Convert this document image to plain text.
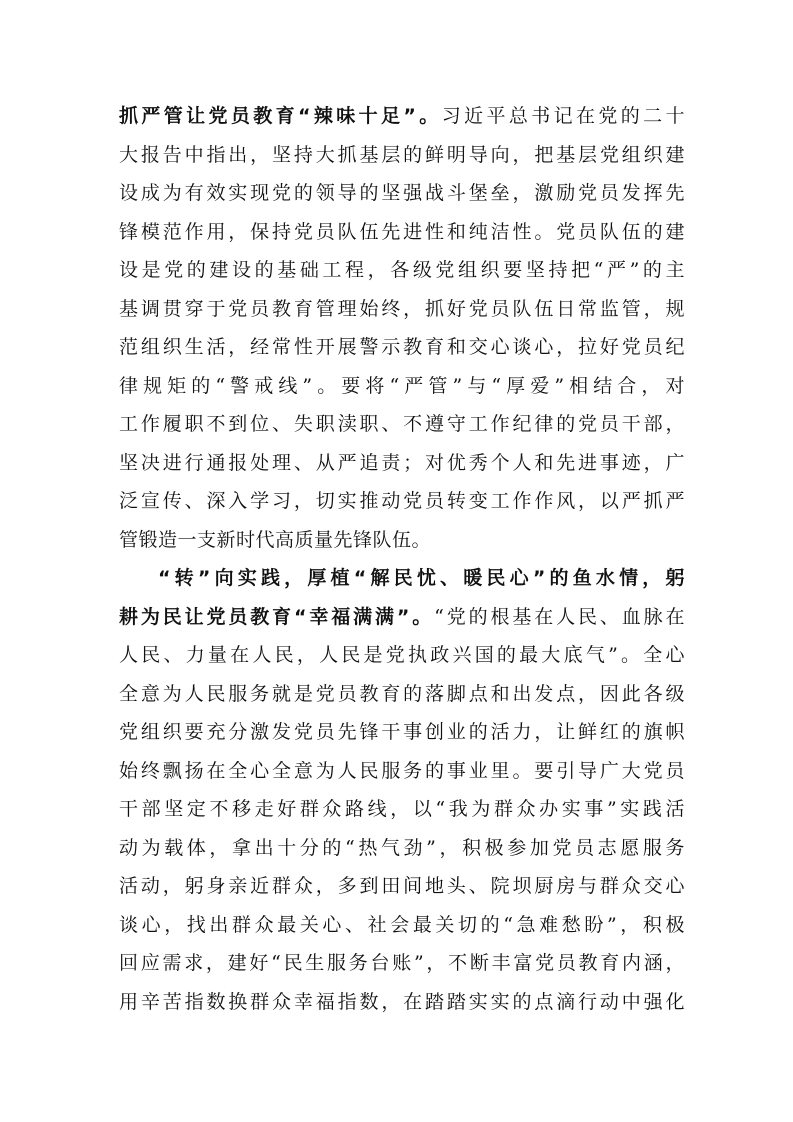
抓严管让党员教育“辣味十足”。习近平总书记在党的二十
大报告中指出，坚持大抓基层的鲜明导向，把基层党组织建
设成为有效实现党的领导的坚强战斗堡垒，激励党员发挥先
锋模范作用，保持党员队伍先进性和纯洁性。党员队伍的建
设是党的建设的基础工程，各级党组织要坚持把“严”的主
基调贯穿于党员教育管理始终，抓好党员队伍日常监管，规
范组织生活，经常性开展警示教育和交心谈心，拉好党员纪
律规矩的“警戒线”。要将“严管”与“厚爱”相结合，对
工作履职不到位、失职渎职、不遵守工作纪律的党员干部，
坚决进行通报处理、从严追责；对优秀个人和先进事迹，广
泛宣传、深入学习，切实推动党员转变工作作风，以严抓严
管锻造一支新时代高质量先锋队伍。
“转”向实践，厚植“解民忧、暖民心”的鱼水情，躬
耕为民让党员教育“幸福满满”。“党的根基在人民、血脉在
人民、力量在人民，人民是党执政兴国的最大底气”。全心
全意为人民服务就是党员教育的落脚点和出发点，因此各级
党组织要充分激发党员先锋干事创业的活力，让鲜红的旗帜
始终飘扬在全心全意为人民服务的事业里。要引导广大党员
干部坚定不移走好群众路线，以“我为群众办实事”实践活
动为载体，拿出十分的“热气劲”，积极参加党员志愿服务
活动，躬身亲近群众，多到田间地头、院坝厨房与群众交心
谈心，找出群众最关心、社会最关切的“急难愁盼”，积极
回应需求，建好“民生服务台账”，不断丰富党员教育内涵，
用辛苦指数换群众幸福指数，在踏踏实实的点滴行动中强化
